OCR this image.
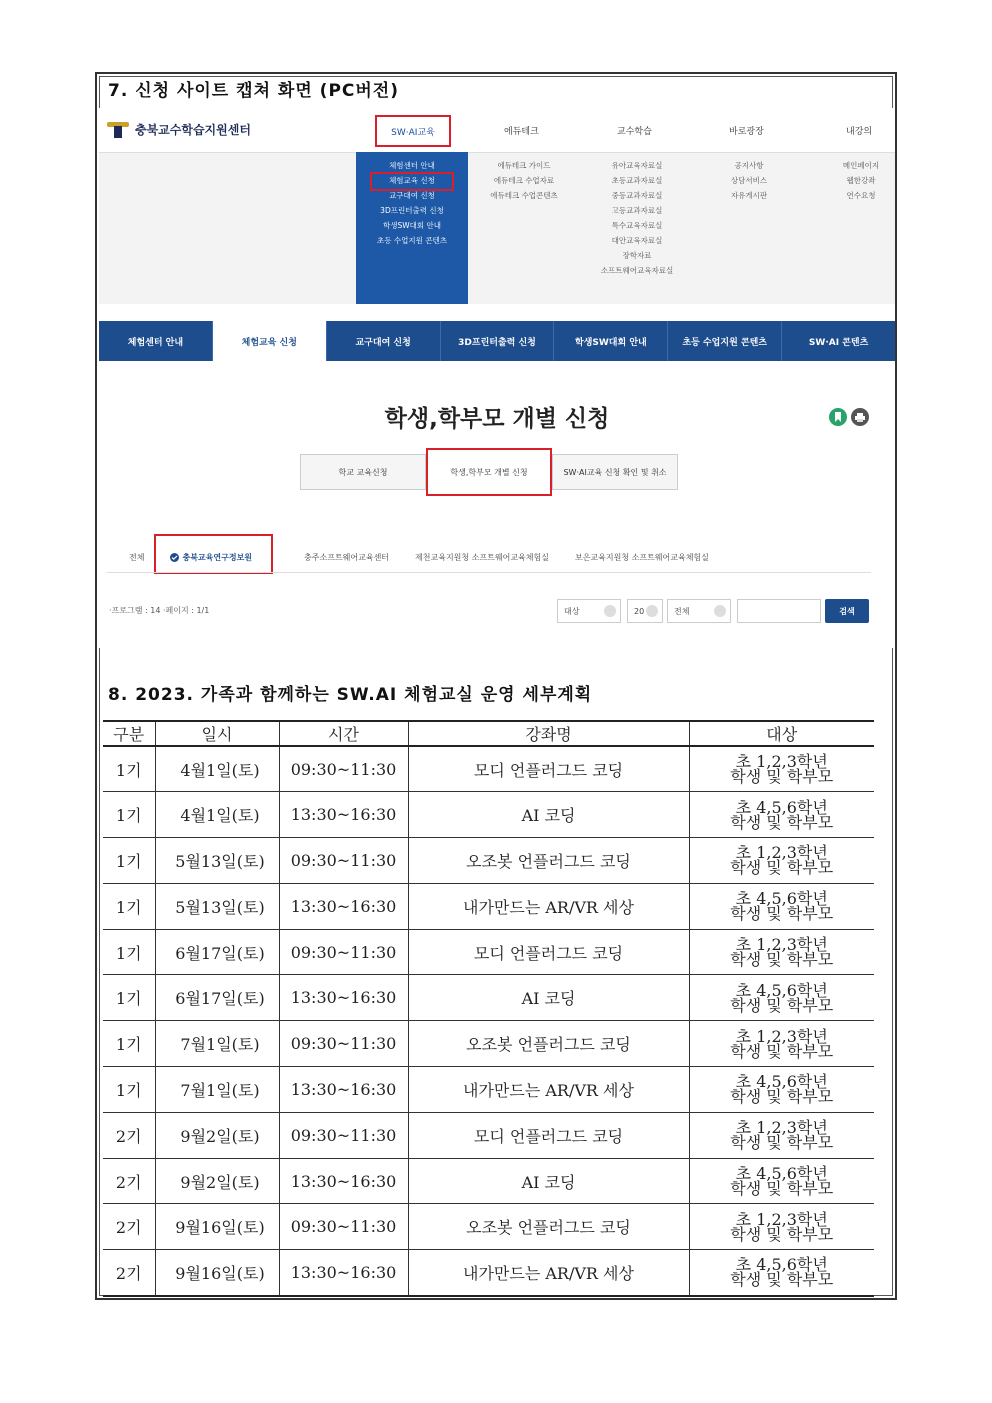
7. 신청 사이트 캡쳐 화면 (PC버전)
충북교수학습지원센터	SW·AI교육	에듀테크	교수학습	바로광장	내강의
체험센터 안내
체험교육 신청
교구대여 신청
3D프린터출력 신청
학생SW대회 안내
초등 수업지원 콘텐츠
에듀테크 가이드
에듀테크 수업자료
에듀테크 수업콘텐츠
유아교육자료실
초등교과자료실
중등교과자료실
고등교과자료실
특수교육자료실
대안교육자료실
장학자료
소프트웨어교육자료실
공지사항
상담서비스
자유게시판
메인페이지
웹한강좌
연수요청
체험센터 안내	체험교육 신청	교구대여 신청	3D프린터출력 신청	학생SW대회 안내	초등 수업지원 콘텐츠	SW·AI 콘텐츠
학생,학부모 개별 신청
학교 교육신청	학생,학부모 개별 신청	SW·AI교육 신청 확인 및 취소
전체	충북교육연구정보원	충주소프트웨어교육센터	제천교육지원청 소프트웨어교육체험실	보은교육지원청 소프트웨어교육체험실
·프로그램 : 14 ·페이지 : 1/1	대상	20	전체	검색
8. 2023. 가족과 함께하는 SW.AI 체험교실 운영 세부계획
구분	일시	시간	강좌명	대상
1기	4월1일(토)	09:30~11:30	모디 언플러그드 코딩	초 1,2,3학년
학생 및 학부모

1기	4월1일(토)	13:30~16:30	AI 코딩	초 4,5,6학년
학생 및 학부모

1기	5월13일(토)	09:30~11:30	오조봇 언플러그드 코딩	초 1,2,3학년
학생 및 학부모

1기	5월13일(토)	13:30~16:30	내가만드는 AR/VR 세상	초 4,5,6학년
학생 및 학부모

1기	6월17일(토)	09:30~11:30	모디 언플러그드 코딩	초 1,2,3학년
학생 및 학부모

1기	6월17일(토)	13:30~16:30	AI 코딩	초 4,5,6학년
학생 및 학부모

1기	7월1일(토)	09:30~11:30	오조봇 언플러그드 코딩	초 1,2,3학년
학생 및 학부모

1기	7월1일(토)	13:30~16:30	내가만드는 AR/VR 세상	초 4,5,6학년
학생 및 학부모

2기	9월2일(토)	09:30~11:30	모디 언플러그드 코딩	초 1,2,3학년
학생 및 학부모

2기	9월2일(토)	13:30~16:30	AI 코딩	초 4,5,6학년
학생 및 학부모

2기	9월16일(토)	09:30~11:30	오조봇 언플러그드 코딩	초 1,2,3학년
학생 및 학부모

2기	9월16일(토)	13:30~16:30	내가만드는 AR/VR 세상	초 4,5,6학년
학생 및 학부모
